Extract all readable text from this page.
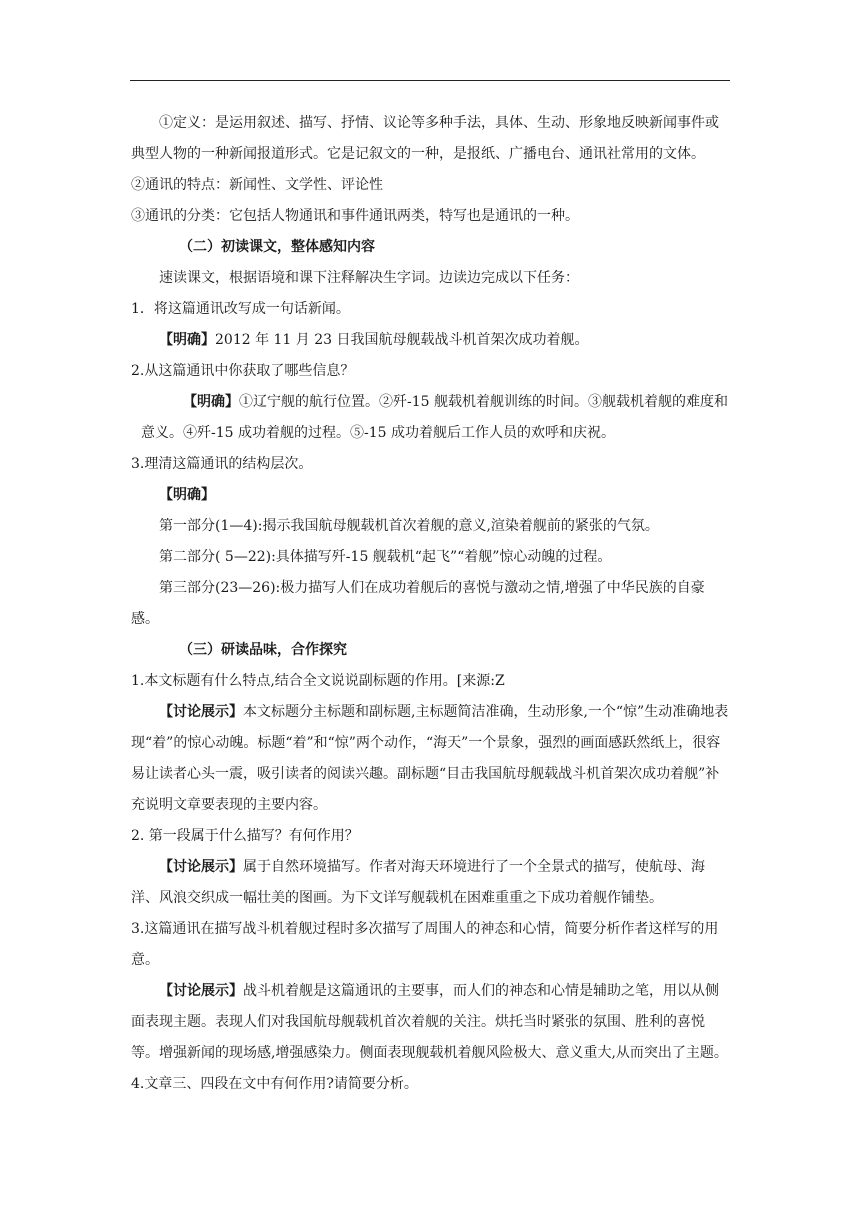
①定义：是运用叙述、描写、抒情、议论等多种手法，具体、生动、形象地反映新闻事件或典型人物的一种新闻报道形式。它是记叙文的一种，是报纸、广播电台、通讯社常用的文体。

②通讯的特点：新闻性、文学性、评论性

③通讯的分类：它包括人物通讯和事件通讯两类，特写也是通讯的一种。

（二）初读课文，整体感知内容

速读课文，根据语境和课下注释解决生字词。边读边完成以下任务：

1．将这篇通讯改写成一句话新闻。

【明确】2012 年 11 月 23 日我国航母舰载战斗机首架次成功着舰。

2.从这篇通讯中你获取了哪些信息？

【明确】①辽宁舰的航行位置。②歼-15 舰载机着舰训练的时间。③舰载机着舰的难度和意义。④歼-15 成功着舰的过程。⑤-15 成功着舰后工作人员的欢呼和庆祝。

3.理清这篇通讯的结构层次。

【明确】

第一部分(1—4):揭示我国航母舰载机首次着舰的意义,渲染着舰前的紧张的气氛。

第二部分( 5—22):具体描写歼-15 舰载机“起飞”“着舰”惊心动魄的过程。

第三部分(23—26):极力描写人们在成功着舰后的喜悦与激动之情,增强了中华民族的自豪感。

（三）研读品味，合作探究

1.本文标题有什么特点,结合全文说说副标题的作用。[来源:Z

【讨论展示】本文标题分主标题和副标题,主标题简洁准确，生动形象,一个“惊”生动准确地表现“着”的惊心动魄。标题“着”和“惊”两个动作，“海天”一个景象，强烈的画面感跃然纸上，很容易让读者心头一震，吸引读者的阅读兴趣。副标题“目击我国航母舰载战斗机首架次成功着舰”补充说明文章要表现的主要内容。

2. 第一段属于什么描写？有何作用？

【讨论展示】属于自然环境描写。作者对海天环境进行了一个全景式的描写，使航母、海洋、风浪交织成一幅壮美的图画。为下文详写舰载机在困难重重之下成功着舰作铺垫。

3.这篇通讯在描写战斗机着舰过程时多次描写了周围人的神态和心情，简要分析作者这样写的用意。

【讨论展示】战斗机着舰是这篇通讯的主要事，而人们的神态和心情是辅助之笔，用以从侧面表现主题。表现人们对我国航母舰载机首次着舰的关注。烘托当时紧张的氛围、胜利的喜悦等。增强新闻的现场感,增强感染力。侧面表现舰载机着舰风险极大、意义重大,从而突出了主题。

4.文章三、四段在文中有何作用?请简要分析。
